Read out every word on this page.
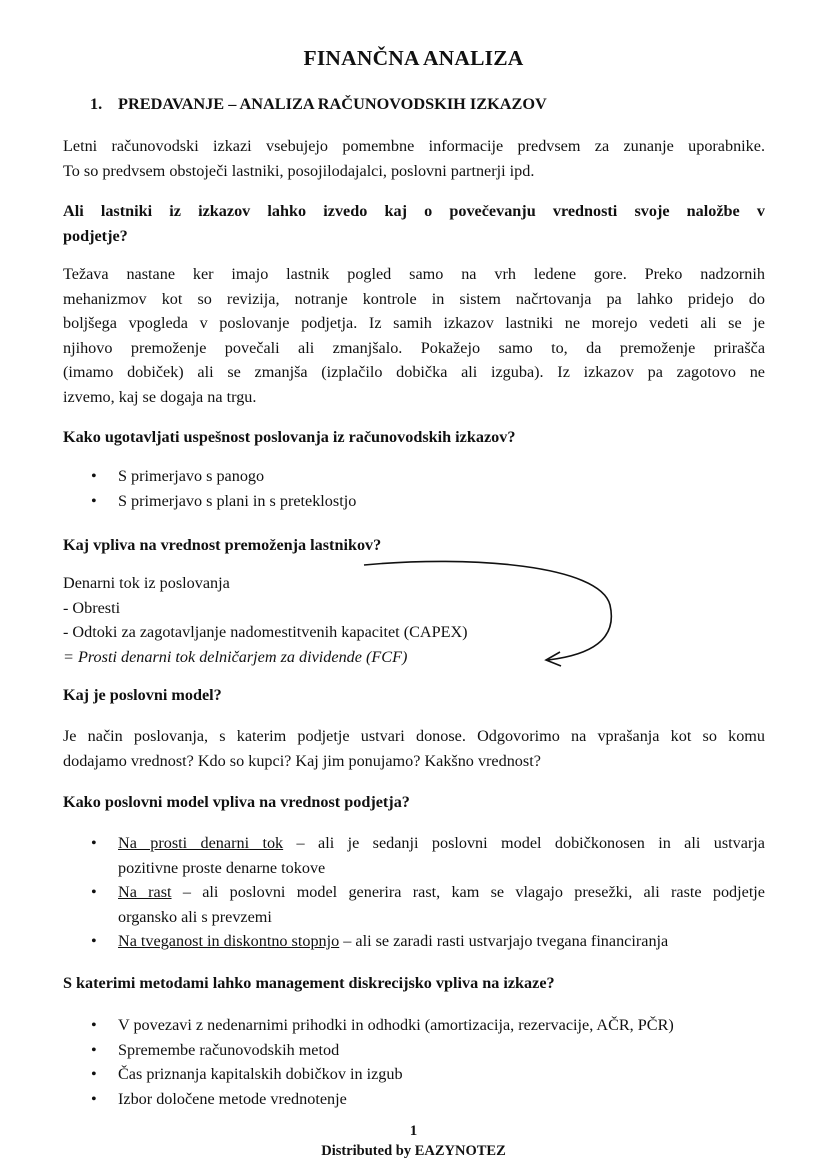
FINANČNA ANALIZA
1. PREDAVANJE – ANALIZA RAČUNOVODSKIH IZKAZOV
Letni računovodski izkazi vsebujejo pomembne informacije predvsem za zunanje uporabnike.
To so predvsem obstoječi lastniki, posojilodajalci, poslovni partnerji ipd.
Ali lastniki iz izkazov lahko izvedo kaj o povečevanju vrednosti svoje naložbe v
podjetje?
Težava nastane ker imajo lastnik pogled samo na vrh ledene gore. Preko nadzornih
mehanizmov kot so revizija, notranje kontrole in sistem načrtovanja pa lahko pridejo do
boljšega vpogleda v poslovanje podjetja. Iz samih izkazov lastniki ne morejo vedeti ali se je
njihovo premoženje povečali ali zmanjšalo. Pokažejo samo to, da premoženje prirašča
(imamo dobiček) ali se zmanjša (izplačilo dobička ali izguba). Iz izkazov pa zagotovo ne
izvemo, kaj se dogaja na trgu.
Kako ugotavljati uspešnost poslovanja iz računovodskih izkazov?
•	S primerjavo s panogo
•	S primerjavo s plani in s preteklostjo
Kaj vpliva na vrednost premoženja lastnikov?
Denarni tok iz poslovanja
- Obresti
- Odtoki za zagotavljanje nadomestitvenih kapacitet (CAPEX)
= Prosti denarni tok delničarjem za dividende (FCF)
Kaj je poslovni model?
Je način poslovanja, s katerim podjetje ustvari donose. Odgovorimo na vprašanja kot so komu
dodajamo vrednost? Kdo so kupci? Kaj jim ponujamo? Kakšno vrednost?
Kako poslovni model vpliva na vrednost podjetja?
•	Na prosti denarni tok – ali je sedanji poslovni model dobičkonosen in ali ustvarja
pozitivne proste denarne tokove
•	Na rast – ali poslovni model generira rast, kam se vlagajo presežki, ali raste podjetje
organsko ali s prevzemi
•	Na tveganost in diskontno stopnjo – ali se zaradi rasti ustvarjajo tvegana financiranja
S katerimi metodami lahko management diskrecijsko vpliva na izkaze?
•	V povezavi z nedenarnimi prihodki in odhodki (amortizacija, rezervacije, AČR, PČR)
•	Spremembe računovodskih metod
•	Čas priznanja kapitalskih dobičkov in izgub
•	Izbor določene metode vrednotenje
1
Distributed by EAZYNOTEZ
